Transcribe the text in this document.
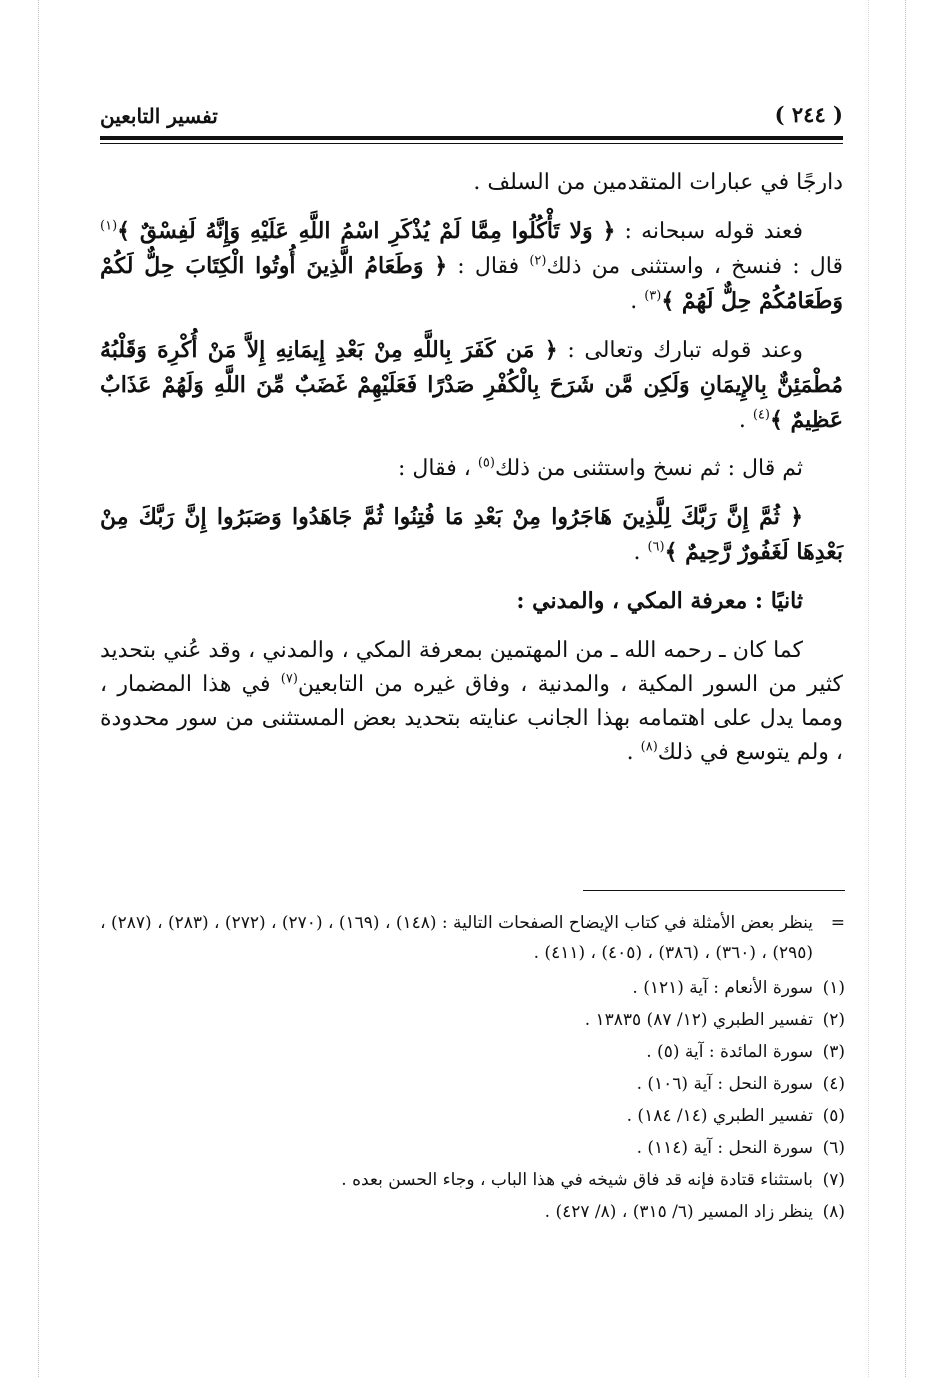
( ٢٤٤ )
تفسير التابعين

دارجًا في عبارات المتقدمين من السلف .

فعند قوله سبحانه : ﴿ وَلا تَأْكُلُوا مِمَّا لَمْ يُذْكَرِ اسْمُ اللَّهِ عَلَيْهِ وَإِنَّهُ لَفِسْقٌ ﴾$^{(١)}$ قال : فنسخ ، واستثنى من ذلك$^{(٢)}$ فقال : ﴿ وَطَعَامُ الَّذِينَ أُوتُوا الْكِتَابَ حِلٌّ لَكُمْ وَطَعَامُكُمْ حِلٌّ لَهُمْ ﴾$^{(٣)}$ .

وعند قوله تبارك وتعالى : ﴿ مَن كَفَرَ بِاللَّهِ مِنْ بَعْدِ إِيمَانِهِ إِلاَّ مَنْ أُكْرِهَ وَقَلْبُهُ مُطْمَئِنٌّ بِالإِيمَانِ وَلَكِن مَّن شَرَحَ بِالْكُفْرِ صَدْرًا فَعَلَيْهِمْ غَضَبٌ مِّنَ اللَّهِ وَلَهُمْ عَذَابٌ عَظِيمٌ ﴾$^{(٤)}$ .

ثم قال : ثم نسخ واستثنى من ذلك$^{(٥)}$ ، فقال :

﴿ ثُمَّ إِنَّ رَبَّكَ لِلَّذِينَ هَاجَرُوا مِنْ بَعْدِ مَا فُتِنُوا ثُمَّ جَاهَدُوا وَصَبَرُوا إِنَّ رَبَّكَ مِنْ بَعْدِهَا لَغَفُورٌ رَّحِيمٌ ﴾$^{(٦)}$ .

ثانيًا : معرفة المكي ، والمدني :

كما كان ـ رحمه الله ـ من المهتمين بمعرفة المكي ، والمدني ، وقد عُني بتحديد كثير من السور المكية ، والمدنية ، وفاق غيره من التابعين$^{(٧)}$ في هذا المضمار ، ومما يدل على اهتمامه بهذا الجانب عنايته بتحديد بعض المستثنى من سور محدودة ، ولم يتوسع في ذلك$^{(٨)}$ .

=
ينظر بعض الأمثلة في كتاب الإيضاح الصفحات التالية : (١٤٨) ، (١٦٩) ، (٢٧٠) ، (٢٧٢) ، (٢٨٣) ، (٢٨٧) ، (٢٩٥) ، (٣٦٠) ، (٣٨٦) ، (٤٠٥) ، (٤١١) .
(١)
سورة الأنعام : آية (١٢١) .
(٢)
تفسير الطبري (١٢/ ٨٧) ١٣٨٣٥ .
(٣)
سورة المائدة : آية (٥) .
(٤)
سورة النحل : آية (١٠٦) .
(٥)
تفسير الطبري (١٤/ ١٨٤) .
(٦)
سورة النحل : آية (١١٤) .
(٧)
باستثناء قتادة فإنه قد فاق شيخه في هذا الباب ، وجاء الحسن بعده .
(٨)
ينظر زاد المسير (٦/ ٣١٥) ، (٨/ ٤٢٧) .
